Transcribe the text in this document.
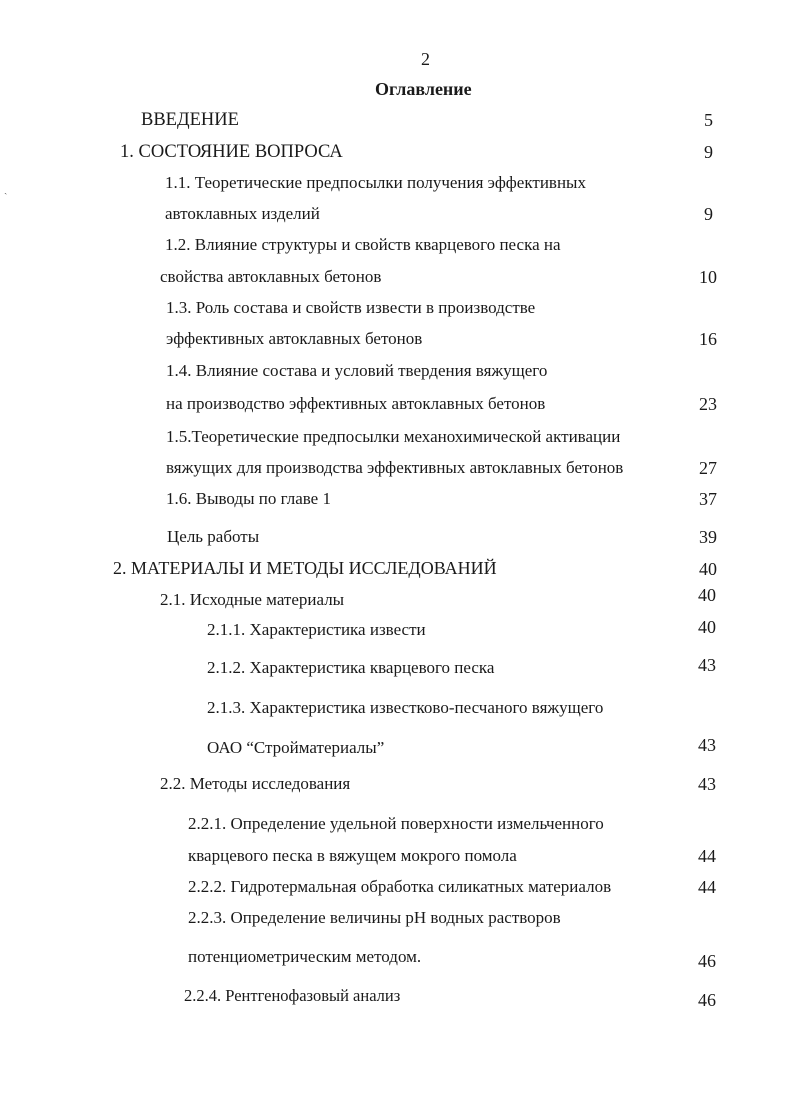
2
Оглавление
ˏ
ВВЕДЕНИЕ	5
1. СОСТОЯНИЕ ВОПРОСА	9
1.1. Теоретические предпосылки получения эффективных
автоклавных изделий	9
1.2. Влияние структуры и свойств кварцевого песка на
свойства автоклавных бетонов	10
1.3. Роль состава и свойств извести в производстве
эффективных автоклавных бетонов	16
1.4. Влияние состава и условий твердения вяжущего
на производство эффективных автоклавных бетонов	23
1.5.Теоретические предпосылки механохимической активации
вяжущих для производства эффективных автоклавных бетонов	27
1.6. Выводы по главе 1	37
Цель работы	39
2. МАТЕРИАЛЫ И МЕТОДЫ ИССЛЕДОВАНИЙ	40
2.1. Исходные материалы	40
2.1.1. Характеристика извести	40
2.1.2. Характеристика кварцевого песка	43
2.1.3. Характеристика известково-песчаного вяжущего
ОАО “Стройматериалы”	43
2.2. Методы исследования	43
2.2.1. Определение удельной поверхности измельченного
кварцевого песка в вяжущем мокрого помола	44
2.2.2. Гидротермальная обработка силикатных материалов	44
2.2.3. Определение величины pH водных растворов
потенциометрическим методом.	46
2.2.4. Рентгенофазовый анализ	46
